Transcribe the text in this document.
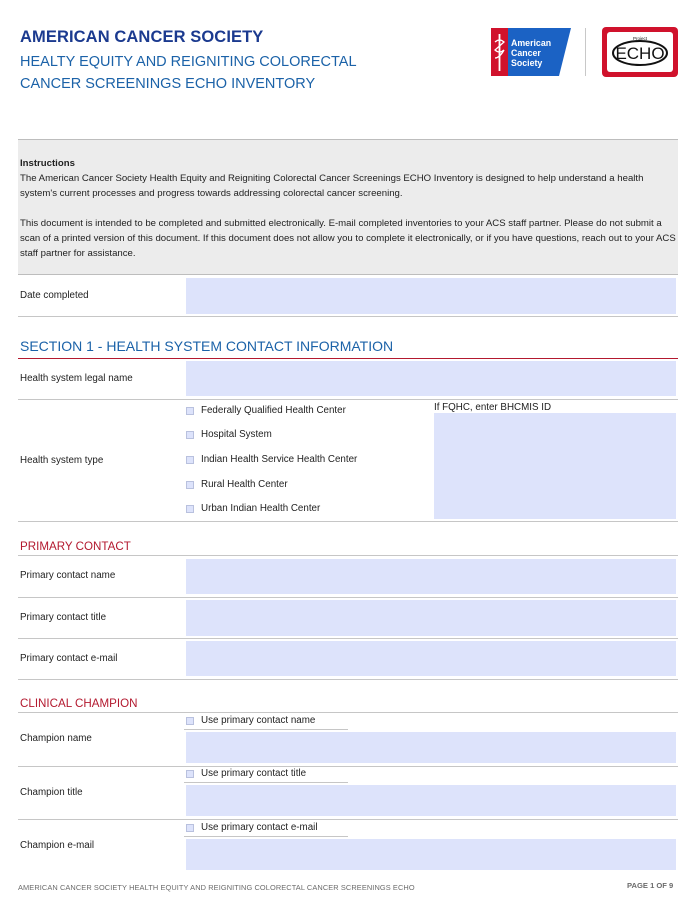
AMERICAN CANCER SOCIETY
HEALTY EQUITY AND REIGNITING COLORECTAL CANCER SCREENINGS ECHO INVENTORY
American
Cancer
Society
Project
ECHO

Instructions

The American Cancer Society Health Equity and Reigniting Colorectal Cancer Screenings ECHO Inventory is designed to help understand a health system's current processes and progress towards addressing colorectal cancer screening.

This document is intended to be completed and submitted electronically. E-mail completed inventories to your ACS staff partner. Please do not submit a scan of a printed version of this document. If this document does not allow you to complete it electronically, or if you have questions, reach out to your ACS staff partner for assistance.

Date completed
SECTION 1 - HEALTH SYSTEM CONTACT INFORMATION
Health system legal name
Health system type
Federally Qualified Health Center
Hospital System
Indian Health Service Health Center
Rural Health Center
Urban Indian Health Center
If FQHC, enter BHCMIS ID
PRIMARY CONTACT
Primary contact name
Primary contact title
Primary contact e-mail
CLINICAL CHAMPION
Use primary contact name
Champion name
Use primary contact title
Champion title
Use primary contact e-mail
Champion e-mail
AMERICAN CANCER SOCIETY HEALTH EQUITY AND REIGNITING COLORECTAL CANCER SCREENINGS ECHO	PAGE 1 OF 9
